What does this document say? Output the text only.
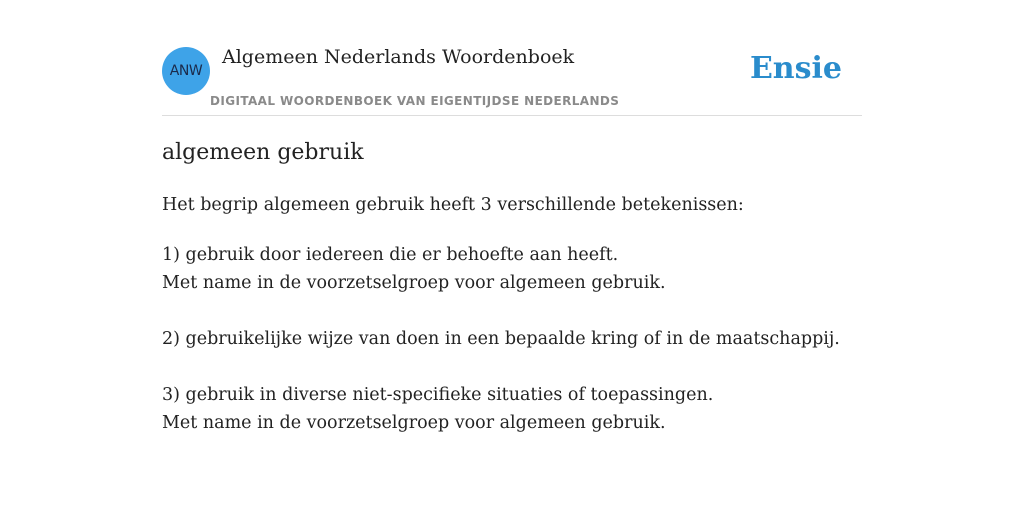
ANW
Algemeen Nederlands Woordenboek
DIGITAAL WOORDENBOEK VAN EIGENTIJDSE NEDERLANDS
Ensie
algemeen gebruik
Het begrip algemeen gebruik heeft 3 verschillende betekenissen:
1) gebruik door iedereen die er behoefte aan heeft.
Met name in de voorzetselgroep voor algemeen gebruik.
2) gebruikelijke wijze van doen in een bepaalde kring of in de maatschappij.
3) gebruik in diverse niet-specifieke situaties of toepassingen.
Met name in de voorzetselgroep voor algemeen gebruik.
